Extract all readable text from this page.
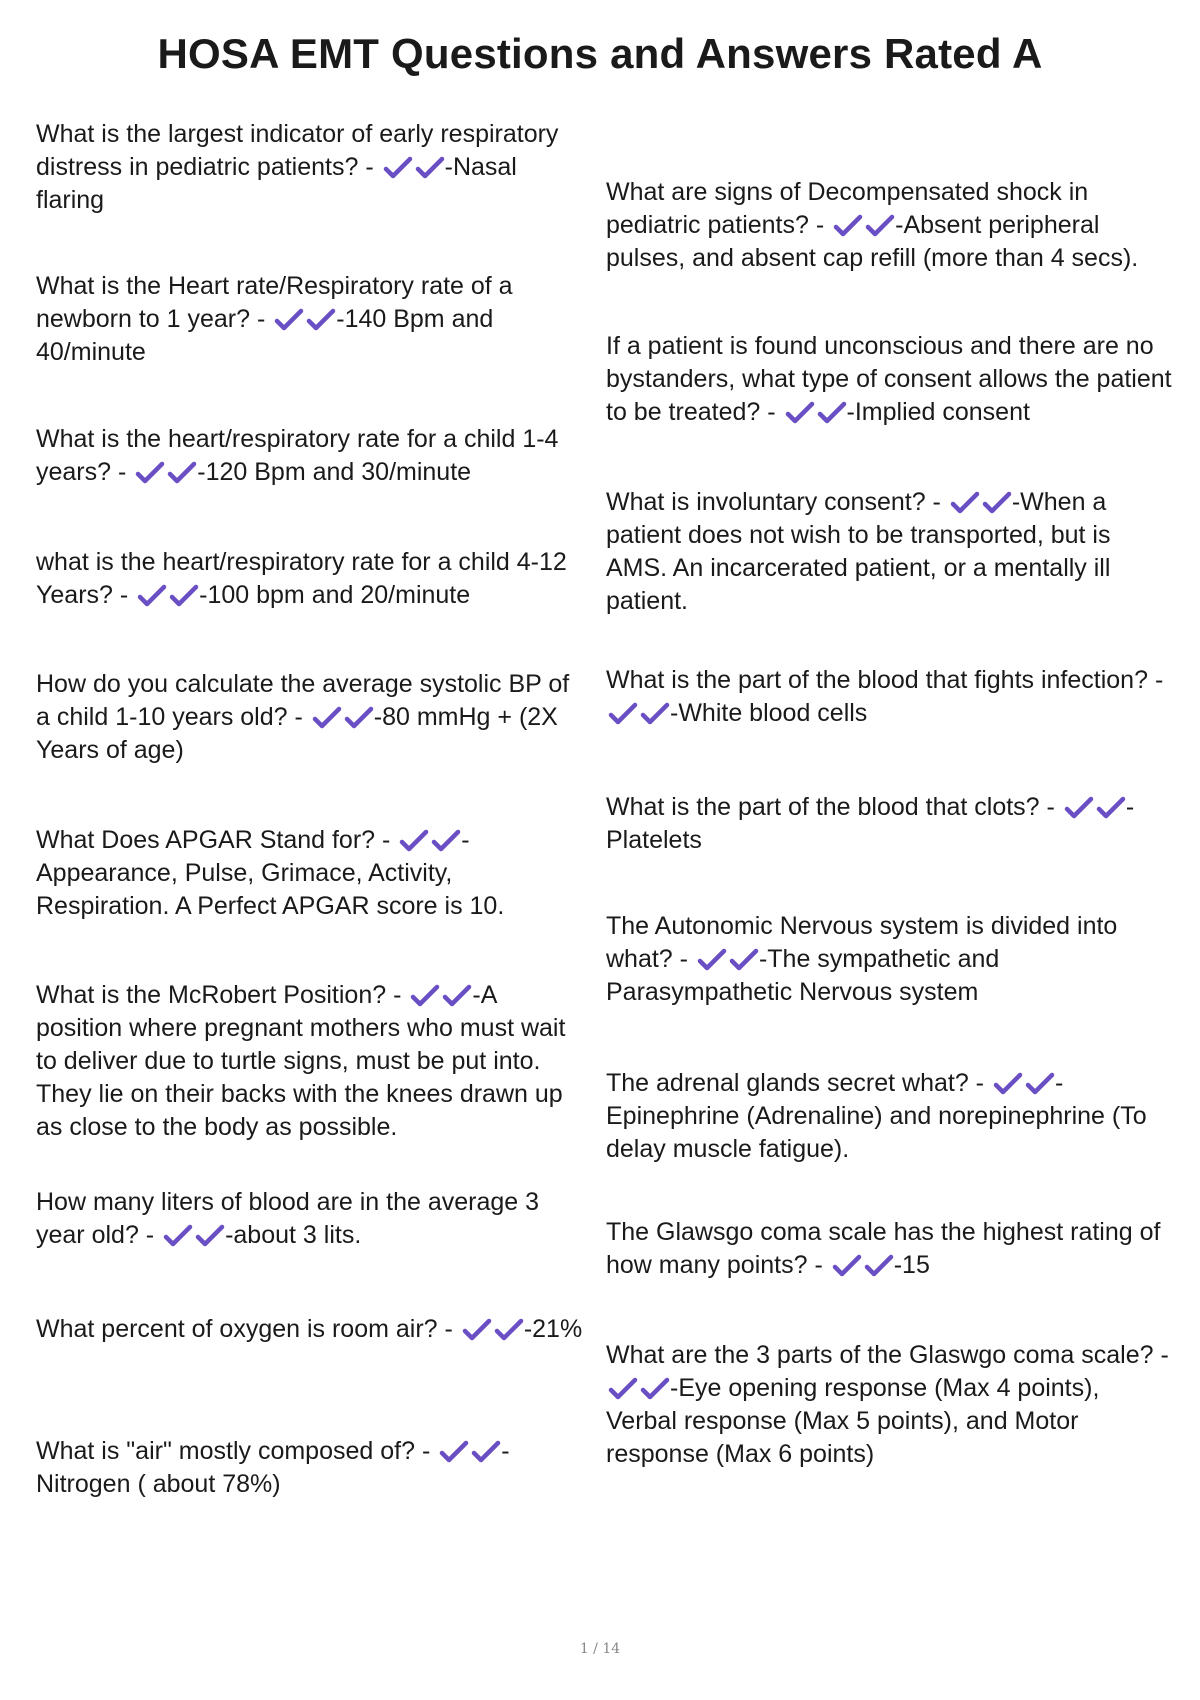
HOSA EMT Questions and Answers Rated A

What is the largest indicator of early respiratory distress in pediatric patients? -	-Nasal flaring

What is the Heart rate/Respiratory rate of a newborn to 1 year? -	-140 Bpm and 40/minute

What is the heart/respiratory rate for a child 1-4 years? -	-120 Bpm and 30/minute

what is the heart/respiratory rate for a child 4-12 Years? -	-100 bpm and 20/minute

How do you calculate the average systolic BP of a child 1-10 years old? -	-80 mmHg + (2X Years of age)

What Does APGAR Stand for? -	-Appearance, Pulse, Grimace, Activity, Respiration. A Perfect APGAR score is 10.

What is the McRobert Position? -	-A position where pregnant mothers who must wait to deliver due to turtle signs, must be put into. They lie on their backs with the knees drawn up as close to the body as possible.

How many liters of blood are in the average 3 year old? -	-about 3 lits.

What percent of oxygen is room air? -	-21%

What is "air" mostly composed of? -	-Nitrogen ( about 78%)

What are signs of Decompensated shock in pediatric patients? -	-Absent peripheral pulses, and absent cap refill (more than 4 secs).

If a patient is found unconscious and there are no bystanders, what type of consent allows the patient to be treated? -	-Implied consent

What is involuntary consent? -	-When a patient does not wish to be transported, but is AMS. An incarcerated patient, or a mentally ill patient.

What is the part of the blood that fights infection? -
-White blood cells

What is the part of the blood that clots? -	-Platelets

The Autonomic Nervous system is divided into what? -	-The sympathetic and Parasympathetic Nervous system

The adrenal glands secret what? -	-Epinephrine (Adrenaline) and norepinephrine (To delay muscle fatigue).

The Glawsgo coma scale has the highest rating of how many points? -	-15

What are the 3 parts of the Glaswgo coma scale? -
-Eye opening response (Max 4 points), Verbal response (Max 5 points), and Motor response (Max 6 points)

1 / 14
